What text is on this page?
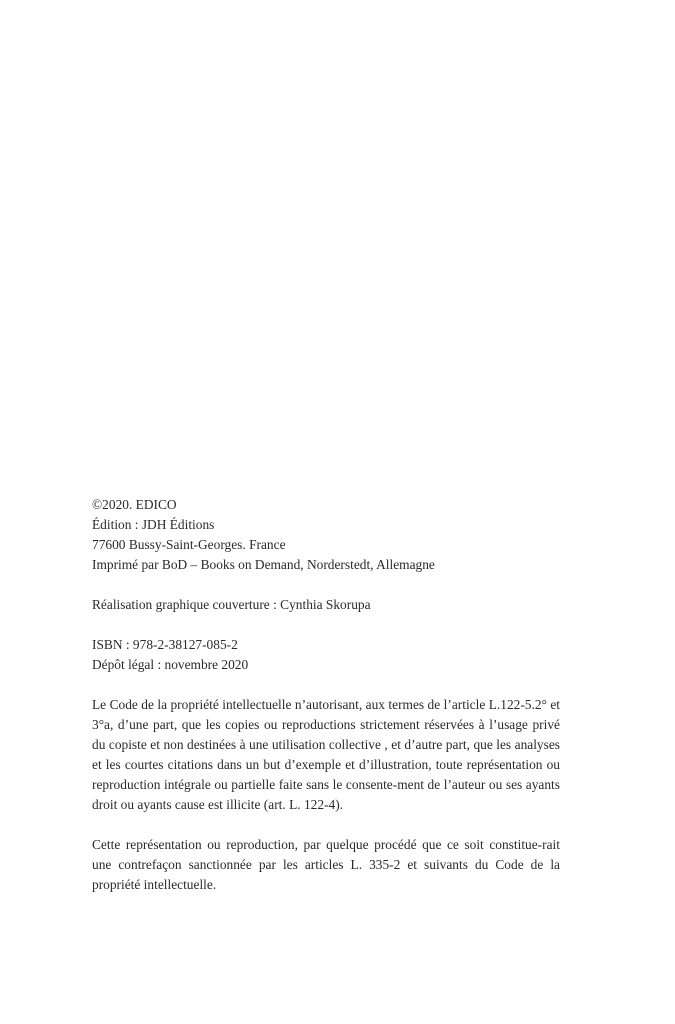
©2020. EDICO
Édition : JDH Éditions
77600 Bussy-Saint-Georges. France
Imprimé par BoD – Books on Demand, Norderstedt, Allemagne
Réalisation graphique couverture : Cynthia Skorupa
ISBN : 978-2-38127-085-2
Dépôt légal : novembre 2020

Le Code de la propriété intellectuelle n’autorisant, aux termes de l’article L.122-5.2° et 3°a, d’une part, que les copies ou reproductions strictement réservées à l’usage privé du copiste et non destinées à une utilisation collective , et d’autre part, que les analyses et les courtes citations dans un but d’exemple et d’illustration, toute représentation ou reproduction intégrale ou partielle faite sans le consente-ment de l’auteur ou ses ayants droit ou ayants cause est illicite (art. L. 122-4).

Cette représentation ou reproduction, par quelque procédé que ce soit constitue-rait une contrefaçon sanctionnée par les articles L. 335-2 et suivants du Code de la propriété intellectuelle.
